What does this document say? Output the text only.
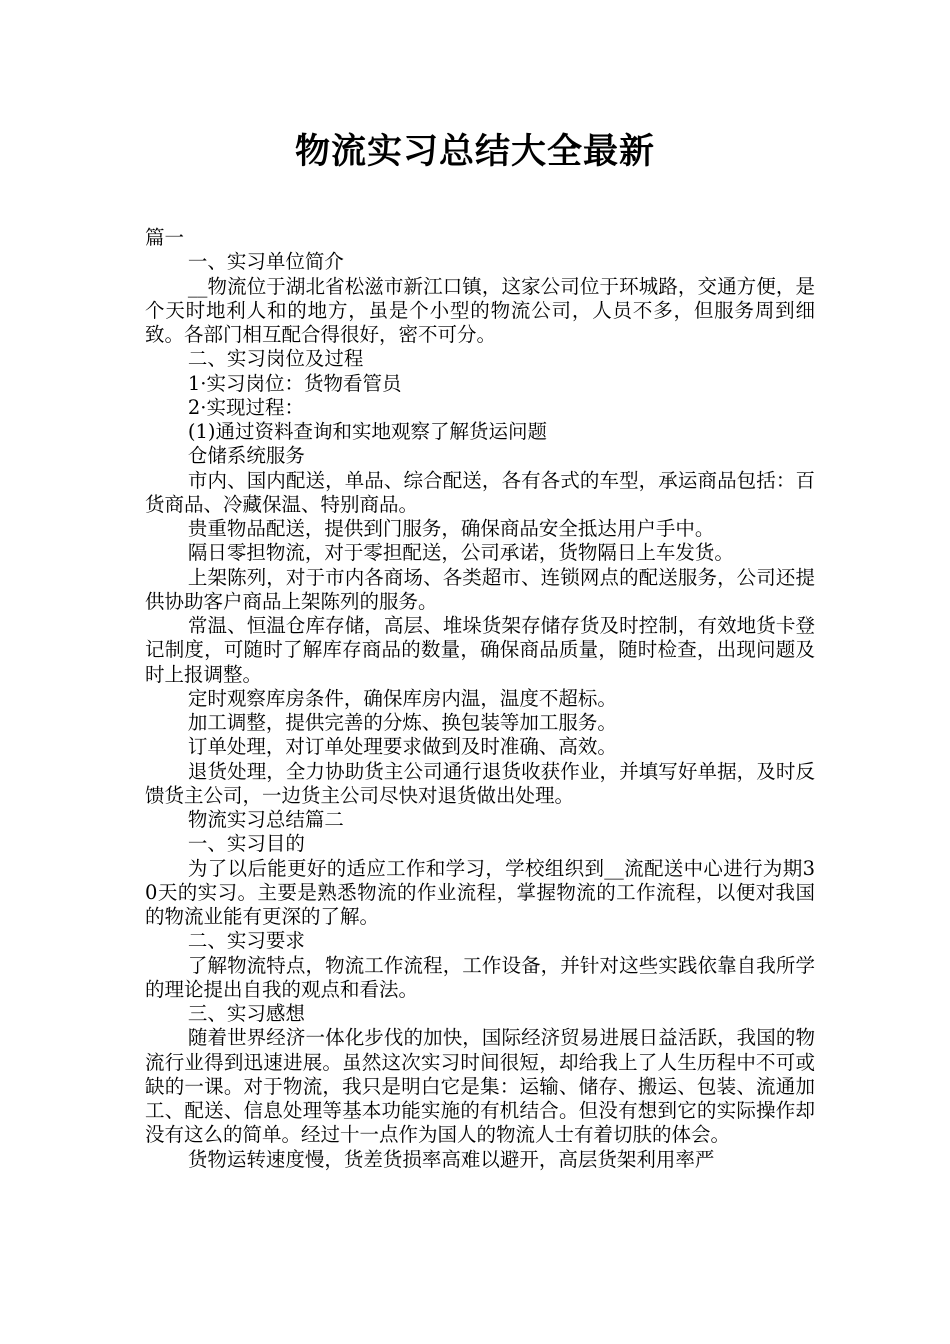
物流实习总结大全最新

篇一

一、实习单位简介

__物流位于湖北省松滋市新江口镇，这家公司位于环城路，交通方便，是个天时地利人和的地方，虽是个小型的物流公司，人员不多，但服务周到细致。各部门相互配合得很好，密不可分。

二、实习岗位及过程

1·实习岗位：货物看管员

2·实现过程：

(1)通过资料查询和实地观察了解货运问题

仓储系统服务

市内、国内配送，单品、综合配送，各有各式的车型，承运商品包括：百货商品、冷藏保温、特别商品。

贵重物品配送，提供到门服务，确保商品安全抵达用户手中。

隔日零担物流，对于零担配送，公司承诺，货物隔日上车发货。

上架陈列，对于市内各商场、各类超市、连锁网点的配送服务，公司还提供协助客户商品上架陈列的服务。

常温、恒温仓库存储，高层、堆垛货架存储存货及时控制，有效地货卡登记制度，可随时了解库存商品的数量，确保商品质量，随时检查，出现问题及时上报调整。

定时观察库房条件，确保库房内温，温度不超标。

加工调整，提供完善的分炼、换包装等加工服务。

订单处理，对订单处理要求做到及时准确、高效。

退货处理，全力协助货主公司通行退货收获作业，并填写好单据，及时反馈货主公司，一边货主公司尽快对退货做出处理。

物流实习总结篇二

一、实习目的

为了以后能更好的适应工作和学习，学校组织到__流配送中心进行为期30天的实习。主要是熟悉物流的作业流程，掌握物流的工作流程，以便对我国的物流业能有更深的了解。

二、实习要求

了解物流特点，物流工作流程，工作设备，并针对这些实践依靠自我所学的理论提出自我的观点和看法。

三、实习感想

随着世界经济一体化步伐的加快，国际经济贸易进展日益活跃，我国的物流行业得到迅速进展。虽然这次实习时间很短，却给我上了人生历程中不可或缺的一课。对于物流，我只是明白它是集：运输、储存、搬运、包装、流通加工、配送、信息处理等基本功能实施的有机结合。但没有想到它的实际操作却没有这么的简单。经过十一点作为国人的物流人士有着切肤的体会。

货物运转速度慢，货差货损率高难以避开，高层货架利用率严
